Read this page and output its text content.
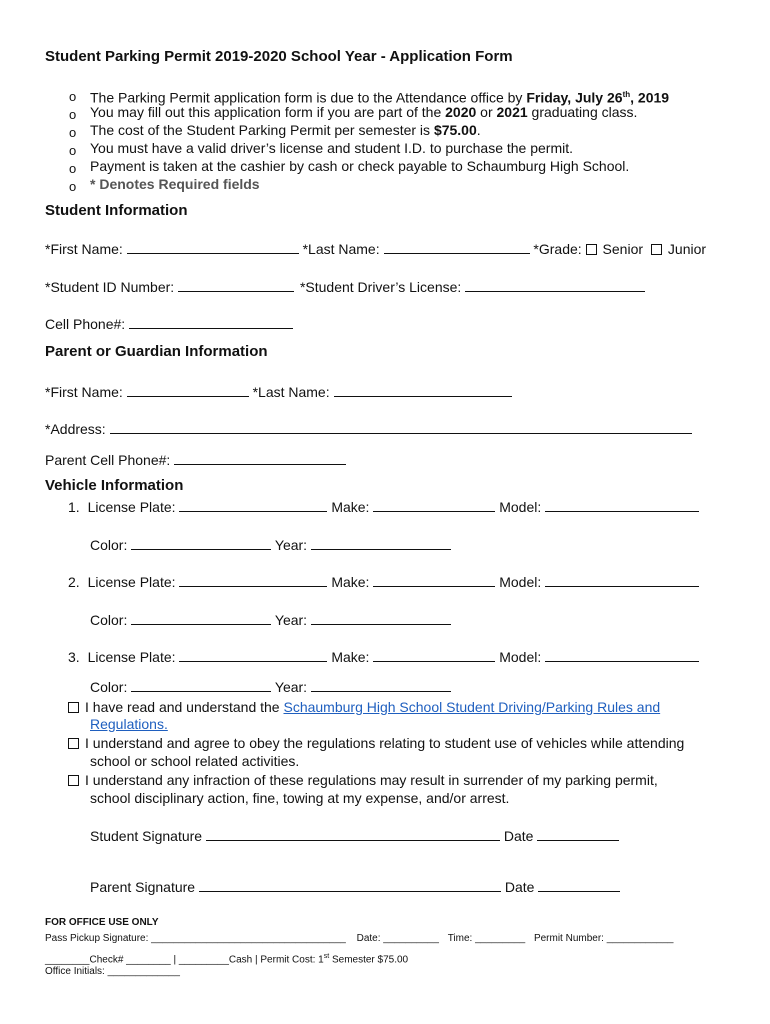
Student Parking Permit 2019-2020 School Year - Application Form
o The Parking Permit application form is due to the Attendance office by Friday, July 26th, 2019
o You may fill out this application form if you are part of the 2020 or 2021 graduating class.
o The cost of the Student Parking Permit per semester is $75.00.
o You must have a valid driver’s license and student I.D. to purchase the permit.
o Payment is taken at the cashier by cash or check payable to Schaumburg High School.
o * Denotes Required fields
Student Information
*First Name:	*Last Name:	*Grade: Senior Junior
*Student ID Number:	*Student Driver’s License:
Cell Phone#:
Parent or Guardian Information
*First Name:	*Last Name:
*Address:
Parent Cell Phone#:
Vehicle Information
1. License Plate:	Make:	Model:
Color:	Year:
2. License Plate:	Make:	Model:
Color:	Year:
3. License Plate:	Make:	Model:
Color:	Year:
I have read and understand the Schaumburg High School Student Driving/Parking Rules and
Regulations.
I understand and agree to obey the regulations relating to student use of vehicles while attending
school or school related activities.
I understand any infraction of these regulations may result in surrender of my parking permit,
school disciplinary action, fine, towing at my expense, and/or arrest.
Student Signature	Date
Parent Signature	Date
FOR OFFICE USE ONLY
Pass Pickup Signature: ___________________________________ Date: __________ Time: _________ Permit Number: ____________
________Check# ________ | _________Cash | Permit Cost: 1st Semester $75.00
Office Initials: _____________
